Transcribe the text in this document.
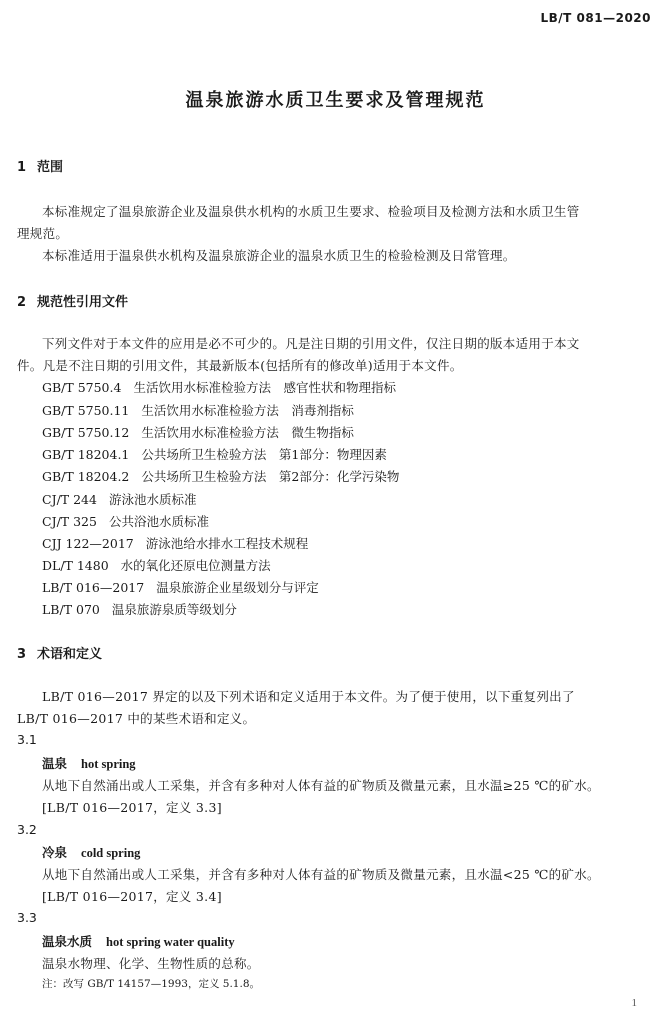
LB/T 081—2020
温泉旅游水质卫生要求及管理规范
1 范围
本标准规定了温泉旅游企业及温泉供水机构的水质卫生要求、检验项目及检测方法和水质卫生管
理规范。
本标准适用于温泉供水机构及温泉旅游企业的温泉水质卫生的检验检测及日常管理。
2 规范性引用文件
下列文件对于本文件的应用是必不可少的。凡是注日期的引用文件，仅注日期的版本适用于本文
件。凡是不注日期的引用文件，其最新版本(包括所有的修改单)适用于本文件。
GB/T 5750.4 生活饮用水标准检验方法　感官性状和物理指标
GB/T 5750.11 生活饮用水标准检验方法　消毒剂指标
GB/T 5750.12 生活饮用水标准检验方法　微生物指标
GB/T 18204.1 公共场所卫生检验方法　第1部分：物理因素
GB/T 18204.2 公共场所卫生检验方法　第2部分：化学污染物
CJ/T 244 游泳池水质标准
CJ/T 325 公共浴池水质标准
CJJ 122—2017 游泳池给水排水工程技术规程
DL/T 1480 水的氧化还原电位测量方法
LB/T 016—2017 温泉旅游企业星级划分与评定
LB/T 070 温泉旅游泉质等级划分
3 术语和定义
LB/T 016—2017 界定的以及下列术语和定义适用于本文件。为了便于使用，以下重复列出了
LB/T 016—2017 中的某些术语和定义。
3.1
温泉 hot spring
从地下自然涌出或人工采集，并含有多种对人体有益的矿物质及微量元素，且水温≥25 ℃的矿水。
[LB/T 016—2017，定义 3.3]
3.2
冷泉 cold spring
从地下自然涌出或人工采集，并含有多种对人体有益的矿物质及微量元素，且水温<25 ℃的矿水。
[LB/T 016—2017，定义 3.4]
3.3
温泉水质 hot spring water quality
温泉水物理、化学、生物性质的总称。
注：改写 GB/T 14157—1993，定义 5.1.8。
1
